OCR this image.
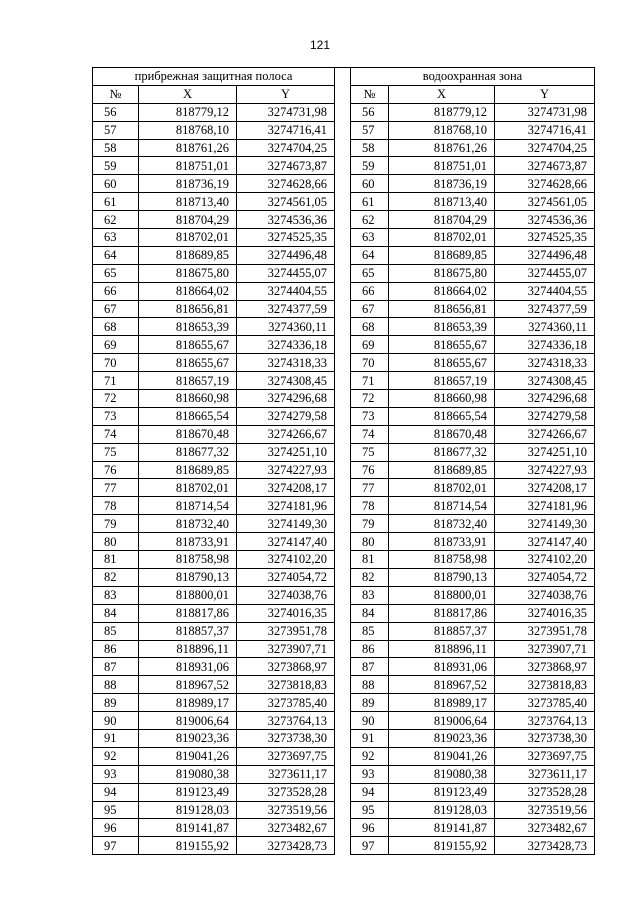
121
прибрежная защитная полоса		
№	X	Y
56	818779,12	3274731,98
57	818768,10	3274716,41
58	818761,26	3274704,25
59	818751,01	3274673,87
60	818736,19	3274628,66
61	818713,40	3274561,05
62	818704,29	3274536,36
63	818702,01	3274525,35
64	818689,85	3274496,48
65	818675,80	3274455,07
66	818664,02	3274404,55
67	818656,81	3274377,59
68	818653,39	3274360,11
69	818655,67	3274336,18
70	818655,67	3274318,33
71	818657,19	3274308,45
72	818660,98	3274296,68
73	818665,54	3274279,58
74	818670,48	3274266,67
75	818677,32	3274251,10
76	818689,85	3274227,93
77	818702,01	3274208,17
78	818714,54	3274181,96
79	818732,40	3274149,30
80	818733,91	3274147,40
81	818758,98	3274102,20
82	818790,13	3274054,72
83	818800,01	3274038,76
84	818817,86	3274016,35
85	818857,37	3273951,78
86	818896,11	3273907,71
87	818931,06	3273868,97
88	818967,52	3273818,83
89	818989,17	3273785,40
90	819006,64	3273764,13
91	819023,36	3273738,30
92	819041,26	3273697,75
93	819080,38	3273611,17
94	819123,49	3273528,28
95	819128,03	3273519,56
96	819141,87	3273482,67
97	819155,92	3273428,73
водоохранная зона		
№	X	Y
56	818779,12	3274731,98
57	818768,10	3274716,41
58	818761,26	3274704,25
59	818751,01	3274673,87
60	818736,19	3274628,66
61	818713,40	3274561,05
62	818704,29	3274536,36
63	818702,01	3274525,35
64	818689,85	3274496,48
65	818675,80	3274455,07
66	818664,02	3274404,55
67	818656,81	3274377,59
68	818653,39	3274360,11
69	818655,67	3274336,18
70	818655,67	3274318,33
71	818657,19	3274308,45
72	818660,98	3274296,68
73	818665,54	3274279,58
74	818670,48	3274266,67
75	818677,32	3274251,10
76	818689,85	3274227,93
77	818702,01	3274208,17
78	818714,54	3274181,96
79	818732,40	3274149,30
80	818733,91	3274147,40
81	818758,98	3274102,20
82	818790,13	3274054,72
83	818800,01	3274038,76
84	818817,86	3274016,35
85	818857,37	3273951,78
86	818896,11	3273907,71
87	818931,06	3273868,97
88	818967,52	3273818,83
89	818989,17	3273785,40
90	819006,64	3273764,13
91	819023,36	3273738,30
92	819041,26	3273697,75
93	819080,38	3273611,17
94	819123,49	3273528,28
95	819128,03	3273519,56
96	819141,87	3273482,67
97	819155,92	3273428,73
